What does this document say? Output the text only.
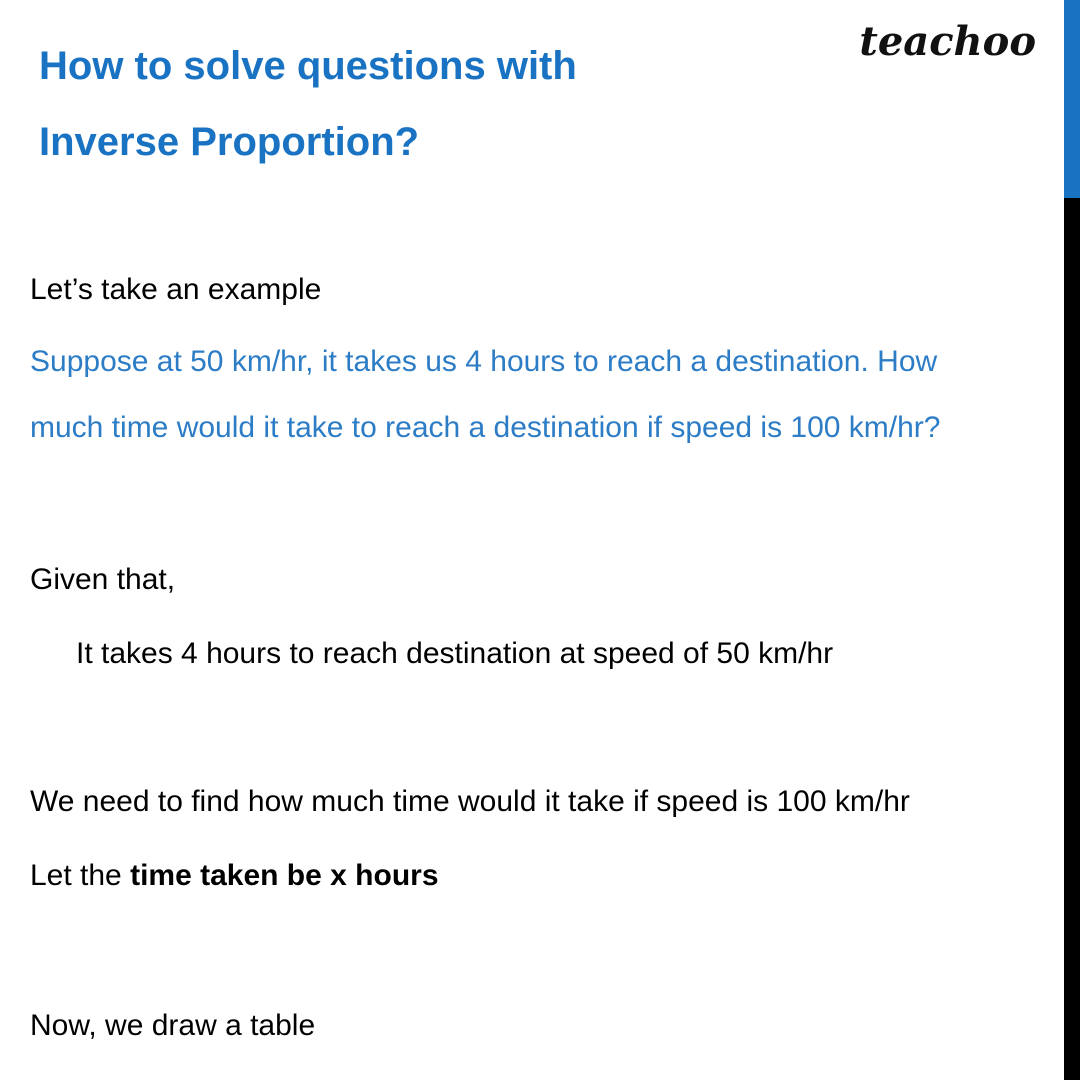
How to solve questions with
Inverse Proportion?
teachoo
Let’s take an example
Suppose at 50 km/hr, it takes us 4 hours to reach a destination. How
much time would it take to reach a destination if speed is 100 km/hr?
Given that,
It takes 4 hours to reach destination at speed of 50 km/hr
We need to find how much time would it take if speed is 100 km/hr
Let the time taken be x hours
Now, we draw a table
